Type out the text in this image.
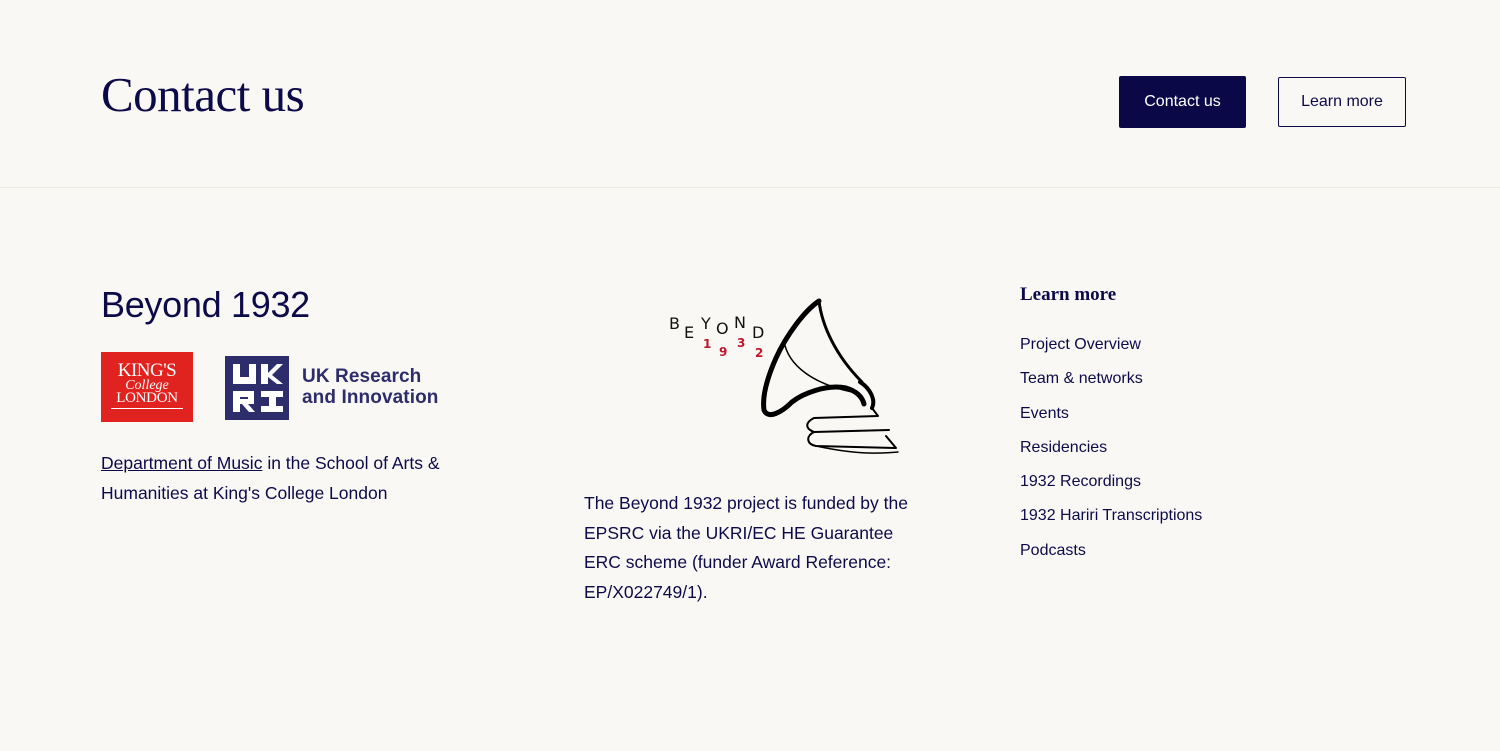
Contact us	Contact us	Learn more
Beyond 1932
KING'S
College
LONDON
UK Research
and Innovation

Department of Music in the School of Arts & Humanities at King's College London

B E Y O N
D
1
9
3
2

The Beyond 1932 project is funded by the EPSRC via the UKRI/EC HE Guarantee ERC scheme (funder Award Reference: EP/X022749/1).

Learn more
Project Overview
Team & networks
Events
Residencies
1932 Recordings
1932 Hariri Transcriptions
Podcasts
